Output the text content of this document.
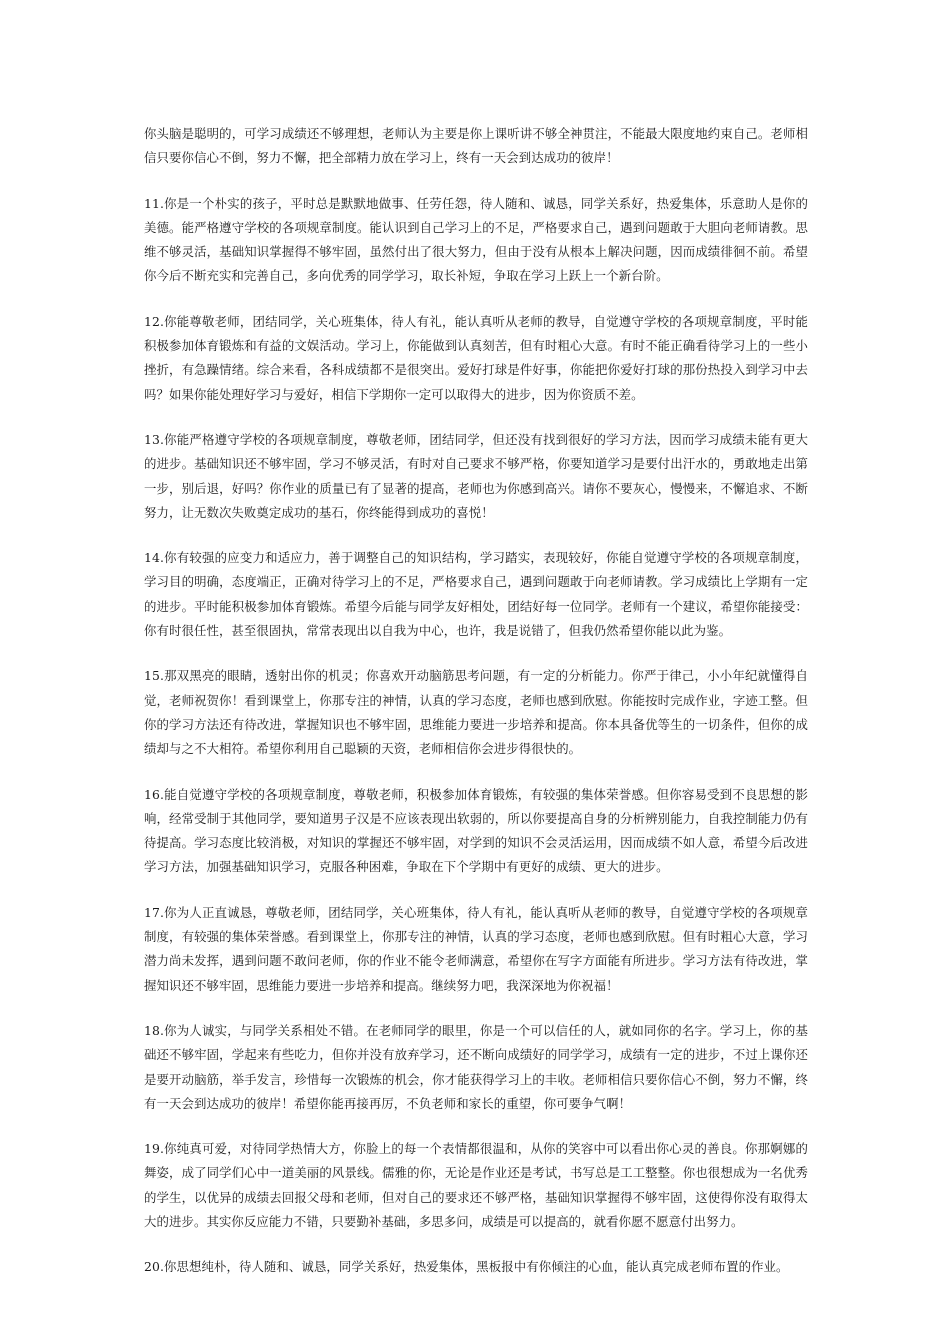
你头脑是聪明的，可学习成绩还不够理想，老师认为主要是你上课听讲不够全神贯注，不能最大限度地约束自己。老师相信只要你信心不倒，努力不懈，把全部精力放在学习上，终有一天会到达成功的彼岸！

11.你是一个朴实的孩子，平时总是默默地做事、任劳任怨，待人随和、诚恳，同学关系好，热爱集体，乐意助人是你的美德。能严格遵守学校的各项规章制度。能认识到自己学习上的不足，严格要求自己，遇到问题敢于大胆向老师请教。思维不够灵活，基础知识掌握得不够牢固，虽然付出了很大努力，但由于没有从根本上解决问题，因而成绩徘徊不前。希望你今后不断充实和完善自己，多向优秀的同学学习，取长补短，争取在学习上跃上一个新台阶。

12.你能尊敬老师，团结同学，关心班集体，待人有礼，能认真听从老师的教导，自觉遵守学校的各项规章制度，平时能积极参加体育锻炼和有益的文娱活动。学习上，你能做到认真刻苦，但有时粗心大意。有时不能正确看待学习上的一些小挫折，有急躁情绪。综合来看，各科成绩都不是很突出。爱好打球是件好事，你能把你爱好打球的那份热投入到学习中去吗？如果你能处理好学习与爱好，相信下学期你一定可以取得大的进步，因为你资质不差。

13.你能严格遵守学校的各项规章制度，尊敬老师，团结同学，但还没有找到很好的学习方法，因而学习成绩未能有更大的进步。基础知识还不够牢固，学习不够灵活，有时对自己要求不够严格，你要知道学习是要付出汗水的，勇敢地走出第一步，别后退，好吗？你作业的质量已有了显著的提高，老师也为你感到高兴。请你不要灰心，慢慢来，不懈追求、不断努力，让无数次失败奠定成功的基石，你终能得到成功的喜悦！

14.你有较强的应变力和适应力，善于调整自己的知识结构，学习踏实，表现较好，你能自觉遵守学校的各项规章制度，学习目的明确，态度端正，正确对待学习上的不足，严格要求自己，遇到问题敢于向老师请教。学习成绩比上学期有一定的进步。平时能积极参加体育锻炼。希望今后能与同学友好相处，团结好每一位同学。老师有一个建议，希望你能接受：你有时很任性，甚至很固执，常常表现出以自我为中心，也许，我是说错了，但我仍然希望你能以此为鉴。

15.那双黑亮的眼睛，透射出你的机灵；你喜欢开动脑筋思考问题，有一定的分析能力。你严于律己，小小年纪就懂得自觉，老师祝贺你！看到课堂上，你那专注的神情，认真的学习态度，老师也感到欣慰。你能按时完成作业，字迹工整。但你的学习方法还有待改进，掌握知识也不够牢固，思维能力要进一步培养和提高。你本具备优等生的一切条件，但你的成绩却与之不大相符。希望你利用自己聪颖的天资，老师相信你会进步得很快的。

16.能自觉遵守学校的各项规章制度，尊敬老师，积极参加体育锻炼，有较强的集体荣誉感。但你容易受到不良思想的影响，经常受制于其他同学，要知道男子汉是不应该表现出软弱的，所以你要提高自身的分析辨别能力，自我控制能力仍有待提高。学习态度比较消极，对知识的掌握还不够牢固，对学到的知识不会灵活运用，因而成绩不如人意，希望今后改进学习方法，加强基础知识学习，克服各种困难，争取在下个学期中有更好的成绩、更大的进步。

17.你为人正直诚恳，尊敬老师，团结同学，关心班集体，待人有礼，能认真听从老师的教导，自觉遵守学校的各项规章制度，有较强的集体荣誉感。看到课堂上，你那专注的神情，认真的学习态度，老师也感到欣慰。但有时粗心大意，学习潜力尚未发挥，遇到问题不敢问老师，你的作业不能令老师满意，希望你在写字方面能有所进步。学习方法有待改进，掌握知识还不够牢固，思维能力要进一步培养和提高。继续努力吧，我深深地为你祝福！

18.你为人诚实，与同学关系相处不错。在老师同学的眼里，你是一个可以信任的人，就如同你的名字。学习上，你的基础还不够牢固，学起来有些吃力，但你并没有放弃学习，还不断向成绩好的同学学习，成绩有一定的进步，不过上课你还是要开动脑筋，举手发言，珍惜每一次锻炼的机会，你才能获得学习上的丰收。老师相信只要你信心不倒，努力不懈，终有一天会到达成功的彼岸！希望你能再接再厉，不负老师和家长的重望，你可要争气啊！

19.你纯真可爱，对待同学热情大方，你脸上的每一个表情都很温和，从你的笑容中可以看出你心灵的善良。你那婀娜的舞姿，成了同学们心中一道美丽的风景线。儒雅的你，无论是作业还是考试，书写总是工工整整。你也很想成为一名优秀的学生，以优异的成绩去回报父母和老师，但对自己的要求还不够严格，基础知识掌握得不够牢固，这使得你没有取得太大的进步。其实你反应能力不错，只要勤补基础，多思多问，成绩是可以提高的，就看你愿不愿意付出努力。

20.你思想纯朴，待人随和、诚恳，同学关系好，热爱集体，黑板报中有你倾注的心血，能认真完成老师布置的作业。
